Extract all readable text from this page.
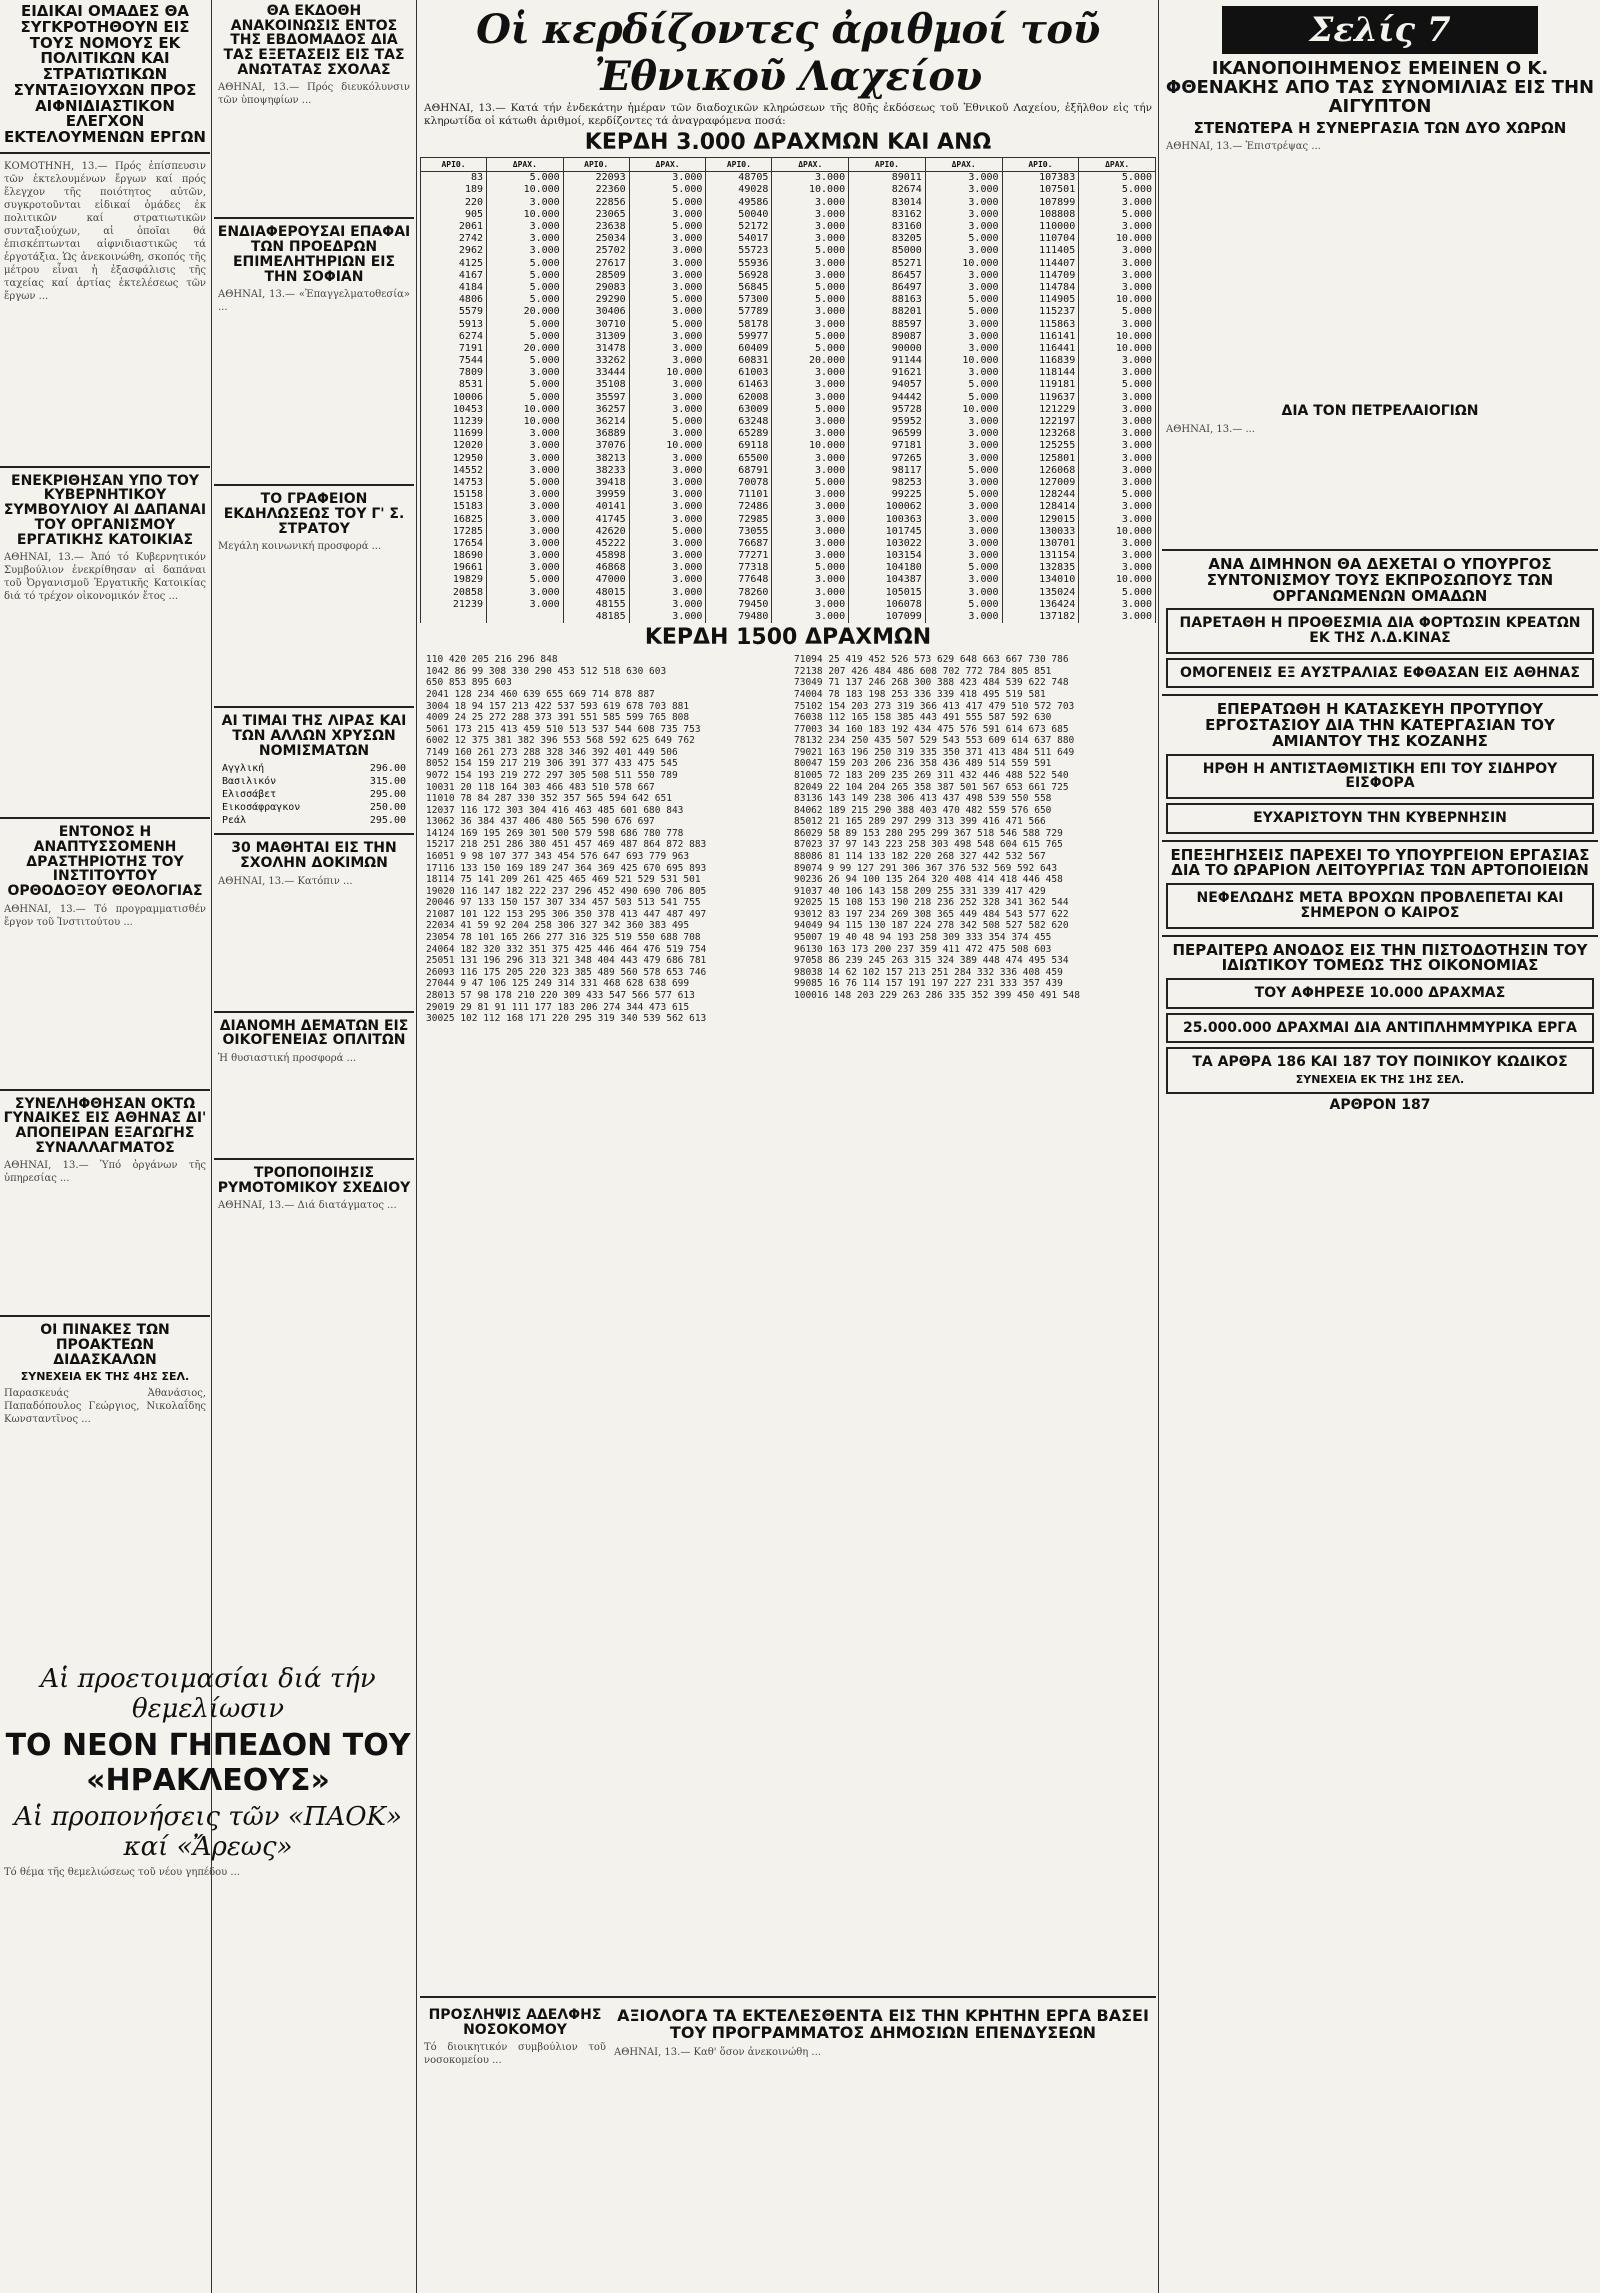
ΕΙΔΙΚΑΙ ΟΜΑΔΕΣ ΘΑ ΣΥΓΚΡΟΤΗΘΟΥΝ ΕΙΣ ΤΟΥΣ ΝΟΜΟΥΣ ΕΚ ΠΟΛΙΤΙΚΩΝ ΚΑΙ ΣΤΡΑΤΙΩΤΙΚΩΝ ΣΥΝΤΑΞΙΟΥΧΩΝ ΠΡΟΣ ΑΙΦΝΙΔΙΑΣΤΙΚΟΝ ΕΛΕΓΧΟΝ ΕΚΤΕΛΟΥΜΕΝΩΝ ΕΡΓΩΝ
ΚΟΜΟΤΗΝΗ, 13.— Πρός ἐπίσπευσιν τῶν ἐκτελουμένων ἔργων καί πρός ἔλεγχον τῆς ποιότητος αὐτῶν, συγκροτοῦνται εἰδικαί ὁμάδες ἐκ πολιτικῶν καί στρατιωτικῶν συνταξιούχων, αἱ ὁποῖαι θά ἐπισκέπτωνται αἰφνιδιαστικῶς τά ἐργοτάξια. Ὡς ἀνεκοινώθη, σκοπός τῆς μέτρου εἶναι ἡ ἐξασφάλισις τῆς ταχείας καί ἀρτίας ἐκτελέσεως τῶν ἔργων ...
ΕΝΕΚΡΙΘΗΣΑΝ ΥΠΟ ΤΟΥ ΚΥΒΕΡΝΗΤΙΚΟΥ ΣΥΜΒΟΥΛΙΟΥ ΑΙ ΔΑΠΑΝΑΙ ΤΟΥ ΟΡΓΑΝΙΣΜΟΥ ΕΡΓΑΤΙΚΗΣ ΚΑΤΟΙΚΙΑΣ
ΑΘΗΝΑΙ, 13.— Ἀπό τό Κυβερνητικόν Συμβούλιον ἐνεκρίθησαν αἱ δαπάναι τοῦ Ὀργανισμοῦ Ἐργατικῆς Κατοικίας διά τό τρέχον οἰκονομικόν ἔτος ...
ΕΝΤΟΝΟΣ Η ΑΝΑΠΤΥΣΣΟΜΕΝΗ ΔΡΑΣΤΗΡΙΟΤΗΣ ΤΟΥ ΙΝΣΤΙΤΟΥΤΟΥ ΟΡΘΟΔΟΞΟΥ ΘΕΟΛΟΓΙΑΣ
ΑΘΗΝΑΙ, 13.— Τό προγραμματισθέν ἔργον τοῦ Ἰνστιτούτου ...
ΣΥΝΕΛΗΦΘΗΣΑΝ ΟΚΤΩ ΓΥΝΑΙΚΕΣ ΕΙΣ ΑΘΗΝΑΣ ΔΙ' ΑΠΟΠΕΙΡΑΝ ΕΞΑΓΩΓΗΣ ΣΥΝΑΛΛΑΓΜΑΤΟΣ
ΑΘΗΝΑΙ, 13.— Ὑπό ὀργάνων τῆς ὑπηρεσίας ...
ΟΙ ΠΙΝΑΚΕΣ ΤΩΝ ΠΡΟΑΚΤΕΩΝ ΔΙΔΑΣΚΑΛΩΝ
ΣΥΝΕΧΕΙΑ ΕΚ ΤΗΣ 4ΗΣ ΣΕΛ.
Παρασκευάς Ἀθανάσιος, Παπαδόπουλος Γεώργιος, Νικολαΐδης Κωνσταντῖνος ...
ΘΑ ΕΚΔΟΘΗ ΑΝΑΚΟΙΝΩΣΙΣ ΕΝΤΟΣ ΤΗΣ ΕΒΔΟΜΑΔΟΣ ΔΙΑ ΤΑΣ ΕΞΕΤΑΣΕΙΣ ΕΙΣ ΤΑΣ ΑΝΩΤΑΤΑΣ ΣΧΟΛΑΣ
ΑΘΗΝΑΙ, 13.— Πρός διευκόλυνσιν τῶν ὑποψηφίων ...
ΕΝΔΙΑΦΕΡΟΥΣΑΙ ΕΠΑΦΑΙ ΤΩΝ ΠΡΟΕΔΡΩΝ ΕΠΙΜΕΛΗΤΗΡΙΩΝ ΕΙΣ ΤΗΝ ΣΟΦΙΑΝ
ΑΘΗΝΑΙ, 13.— «Ἐπαγγελματοθεσία» ...
ΤΟ ΓΡΑΦΕΙΟΝ ΕΚΔΗΛΩΣΕΩΣ ΤΟΥ Γ' Σ. ΣΤΡΑΤΟΥ
Μεγάλη κοινωνική προσφορά ...
ΑΙ ΤΙΜΑΙ ΤΗΣ ΛΙΡΑΣ ΚΑΙ ΤΩΝ ΑΛΛΩΝ ΧΡΥΣΩΝ ΝΟΜΙΣΜΑΤΩΝ
Αγγλική	296.00
Βασιλικόν	315.00
Ελισσάβετ	295.00
Εικοσάφραγκον	250.00
Ρεάλ	295.00
30 ΜΑΘΗΤΑΙ ΕΙΣ ΤΗΝ ΣΧΟΛΗΝ ΔΟΚΙΜΩΝ
ΑΘΗΝΑΙ, 13.— Κατόπιν ...
ΔΙΑΝΟΜΗ ΔΕΜΑΤΩΝ ΕΙΣ ΟΙΚΟΓΕΝΕΙΑΣ ΟΠΛΙΤΩΝ
Ἡ θυσιαστική προσφορά ...
ΤΡΟΠΟΠΟΙΗΣΙΣ ΡΥΜΟΤΟΜΙΚΟΥ ΣΧΕΔΙΟΥ
ΑΘΗΝΑΙ, 13.— Διά διατάγματος ...
Αἱ προετοιμασίαι διά τήν θεμελίωσιν
ΤΟ ΝΕΟΝ ΓΗΠΕΔΟΝ ΤΟΥ «ΗΡΑΚΛΕΟΥΣ»
Αἱ προπονήσεις τῶν «ΠΑΟΚ» καί «Ἄρεως»
Τό θέμα τῆς θεμελιώσεως τοῦ νέου γηπέδου ...
Οἱ κερδίζοντες ἀριθμοί τοῦ Ἐθνικοῦ Λαχείου
ΑΘΗΝΑΙ, 13.— Κατά τήν ἐνδεκάτην ἡμέραν τῶν διαδοχικῶν κληρώσεων τῆς 80ῆς ἐκδόσεως τοῦ Ἐθνικοῦ Λαχείου, ἐξῆλθον εἰς τήν κληρωτίδα οἱ κάτωθι ἀριθμοί, κερδίζοντες τά ἀναγραφόμενα ποσά:
ΚΕΡΔΗ 3.000 ΔΡΑΧΜΩΝ ΚΑΙ ΑΝΩ
ΑΡΙΘ.	ΔΡΑΧ.	ΑΡΙΘ.	ΔΡΑΧ.	ΑΡΙΘ.	ΔΡΑΧ.	ΑΡΙΘ.	ΔΡΑΧ.	ΑΡΙΘ.	ΔΡΑΧ.
83	5.000	22093	3.000	48705	3.000	89011	3.000	107383	5.000
189	10.000	22360	5.000	49028	10.000	82674	3.000	107501	5.000
220	3.000	22856	5.000	49586	3.000	83014	3.000	107899	3.000
905	10.000	23065	3.000	50040	3.000	83162	3.000	108808	5.000
2061	3.000	23638	5.000	52172	3.000	83160	3.000	110000	3.000
2742	3.000	25034	3.000	54017	3.000	83205	5.000	110704	10.000
2962	3.000	25702	3.000	55723	5.000	85000	3.000	111405	3.000
4125	5.000	27617	3.000	55936	3.000	85271	10.000	114407	3.000
4167	5.000	28509	3.000	56928	3.000	86457	3.000	114709	3.000
4184	5.000	29083	3.000	56845	5.000	86497	3.000	114784	3.000
4806	5.000	29290	5.000	57300	5.000	88163	5.000	114905	10.000
5579	20.000	30406	3.000	57789	3.000	88201	5.000	115237	5.000
5913	5.000	30710	5.000	58178	3.000	88597	3.000	115863	3.000
6274	5.000	31309	3.000	59977	5.000	89087	3.000	116141	10.000
7191	20.000	31478	3.000	60409	5.000	90000	3.000	116441	10.000
7544	5.000	33262	3.000	60831	20.000	91144	10.000	116839	3.000
7809	3.000	33444	10.000	61003	3.000	91621	3.000	118144	3.000
8531	5.000	35108	3.000	61463	3.000	94057	5.000	119181	5.000
10006	5.000	35597	3.000	62008	3.000	94442	5.000	119637	3.000
10453	10.000	36257	3.000	63009	5.000	95728	10.000	121229	3.000
11239	10.000	36214	5.000	63248	3.000	95952	3.000	122197	3.000
11699	3.000	36889	3.000	65289	3.000	96599	3.000	123268	3.000
12020	3.000	37076	10.000	69118	10.000	97181	3.000	125255	3.000
12950	3.000	38213	3.000	65500	3.000	97265	3.000	125801	3.000
14552	3.000	38233	3.000	68791	3.000	98117	5.000	126068	3.000
14753	5.000	39418	3.000	70078	5.000	98253	3.000	127009	3.000
15158	3.000	39959	3.000	71101	3.000	99225	5.000	128244	5.000
15183	3.000	40141	3.000	72486	3.000	100062	3.000	128414	3.000
16825	3.000	41745	3.000	72985	3.000	100363	3.000	129015	3.000
17285	3.000	42620	5.000	73055	3.000	101745	3.000	130033	10.000
17654	3.000	45222	3.000	76687	3.000	103022	3.000	130701	3.000
18690	3.000	45898	3.000	77271	3.000	103154	3.000	131154	3.000
19661	3.000	46868	3.000	77318	5.000	104180	5.000	132835	3.000
19829	5.000	47000	3.000	77648	3.000	104387	3.000	134010	10.000
20858	3.000	48015	3.000	78260	3.000	105015	3.000	135024	5.000
21239	3.000	48155	3.000	79450	3.000	106078	5.000	136424	3.000
		48185	3.000	79480	3.000	107099	3.000	137182	3.000
ΚΕΡΔΗ 1500 ΔΡΑΧΜΩΝ
110 420 205 216 296 848
1042 86 99 308 330 290 453 512 518 630 603
650 853 895 603
2041 128 234 460 639 655 669 714 878 887
3004 18 94 157 213 422 537 593 619 678 703 881
4009 24 25 272 288 373 391 551 585 599 765 808
5061 173 215 413 459 510 513 537 544 608 735 753
6002 12 375 381 382 396 553 568 592 625 649 762
7149 160 261 273 288 328 346 392 401 449 506
8052 154 159 217 219 306 391 377 433 475 545
9072 154 193 219 272 297 305 508 511 550 789
10031 20 118 164 303 466 483 510 578 667
11010 78 84 287 330 352 357 565 594 642 651
12037 116 172 303 304 416 463 485 601 680 843
13062 36 384 437 406 480 565 590 676 697
14124 169 195 269 301 500 579 598 686 780 778
15217 218 251 286 380 451 457 469 487 864 872 883
16051 9 98 107 377 343 454 576 647 693 779 963
17116 133 150 169 189 247 364 369 425 670 695 893
18114 75 141 209 261 425 465 469 521 529 531 501
19020 116 147 182 222 237 296 452 490 690 706 805
20046 97 133 150 157 307 334 457 503 513 541 755
21087 101 122 153 295 306 350 378 413 447 487 497
22034 41 59 92 204 258 306 327 342 360 383 495
23054 78 101 165 266 277 316 325 519 550 688 708
24064 182 320 332 351 375 425 446 464 476 519 754
25051 131 196 296 313 321 348 404 443 479 686 781
26093 116 175 205 220 323 385 489 560 578 653 746
27044 9 47 106 125 249 314 331 468 628 638 699
28013 57 98 178 210 220 309 433 547 566 577 613
29019 29 81 91 111 177 183 206 274 344 473 615
30025 102 112 168 171 220 295 319 340 539 562 613
71094 25 419 452 526 573 629 648 663 667 730 786
72138 207 426 484 486 608 702 772 784 805 851
73049 71 137 246 268 300 388 423 484 539 622 748
74004 78 183 198 253 336 339 418 495 519 581
75102 154 203 273 319 366 413 417 479 510 572 703
76038 112 165 158 385 443 491 555 587 592 630
77003 34 160 183 192 434 475 576 591 614 673 685
78132 234 250 435 507 529 543 553 609 614 637 880
79021 163 196 250 319 335 350 371 413 484 511 649
80047 159 203 206 236 358 436 489 514 559 591
81005 72 183 209 235 269 311 432 446 488 522 540
82049 22 104 204 265 358 387 501 567 653 661 725
83136 143 149 238 306 413 437 498 539 550 558
84062 189 215 290 388 403 470 482 559 576 650
85012 21 165 289 297 299 313 399 416 471 566
86029 58 89 153 280 295 299 367 518 546 588 729
87023 37 97 143 223 258 303 498 548 604 615 765
88086 81 114 133 182 220 268 327 442 532 567
89074 9 99 127 291 306 367 376 532 569 592 643
90236 26 94 100 135 264 320 408 414 418 446 458
91037 40 106 143 158 209 255 331 339 417 429
92025 15 108 153 190 218 236 252 328 341 362 544
93012 83 197 234 269 308 365 449 484 543 577 622
94049 94 115 130 187 224 278 342 508 527 582 620
95007 19 40 48 94 193 258 309 333 354 374 455
96130 163 173 200 237 359 411 472 475 508 603
97058 86 239 245 263 315 324 389 448 474 495 534
98038 14 62 102 157 213 251 284 332 336 408 459
99085 16 76 114 157 191 197 227 231 333 357 439
100016 148 203 229 263 286 335 352 399 450 491 548
ΠΡΟΣΛΗΨΙΣ ΑΔΕΛΦΗΣ ΝΟΣΟΚΟΜΟΥ
Τό διοικητικόν συμβούλιον τοῦ νοσοκομείου ...
ΑΞΙΟΛΟΓΑ ΤΑ ΕΚΤΕΛΕΣΘΕΝΤΑ ΕΙΣ ΤΗΝ ΚΡΗΤΗΝ ΕΡΓΑ ΒΑΣΕΙ ΤΟΥ ΠΡΟΓΡΑΜΜΑΤΟΣ ΔΗΜΟΣΙΩΝ ΕΠΕΝΔΥΣΕΩΝ
ΑΘΗΝΑΙ, 13.— Καθ' ὅσον ἀνεκοινώθη ...
Σελίς 7
ΙΚΑΝΟΠΟΙΗΜΕΝΟΣ ΕΜΕΙΝΕΝ Ο Κ. ΦΘΕΝΑΚΗΣ ΑΠΟ ΤΑΣ ΣΥΝΟΜΙΛΙΑΣ ΕΙΣ ΤΗΝ ΑΙΓΥΠΤΟΝ
ΣΤΕΝΩΤΕΡΑ Η ΣΥΝΕΡΓΑΣΙΑ ΤΩΝ ΔΥΟ ΧΩΡΩΝ
ΑΘΗΝΑΙ, 13.— Ἐπιστρέψας ...
ΔΙΑ ΤΟΝ ΠΕΤΡΕΛΑΙΟΓΙΩΝ
ΑΘΗΝΑΙ, 13.— ...
ΑΝΑ ΔΙΜΗΝΟΝ ΘΑ ΔΕΧΕΤΑΙ Ο ΥΠΟΥΡΓΟΣ ΣΥΝΤΟΝΙΣΜΟΥ ΤΟΥΣ ΕΚΠΡΟΣΩΠΟΥΣ ΤΩΝ ΟΡΓΑΝΩΜΕΝΩΝ ΟΜΑΔΩΝ
ΠΑΡΕΤΑΘΗ Η ΠΡΟΘΕΣΜΙΑ ΔΙΑ ΦΟΡΤΩΣΙΝ ΚΡΕΑΤΩΝ ΕΚ ΤΗΣ Λ.Δ.ΚΙΝΑΣ
ΟΜΟΓΕΝΕΙΣ ΕΞ ΑΥΣΤΡΑΛΙΑΣ ΕΦΘΑΣΑΝ ΕΙΣ ΑΘΗΝΑΣ
ΕΠΕΡΑΤΩΘΗ Η ΚΑΤΑΣΚΕΥΗ ΠΡΟΤΥΠΟΥ ΕΡΓΟΣΤΑΣΙΟΥ ΔΙΑ ΤΗΝ ΚΑΤΕΡΓΑΣΙΑΝ ΤΟΥ ΑΜΙΑΝΤΟΥ ΤΗΣ ΚΟΖΑΝΗΣ
ΗΡΘΗ Η ΑΝΤΙΣΤΑΘΜΙΣΤΙΚΗ ΕΠΙ ΤΟΥ ΣΙΔΗΡΟΥ ΕΙΣΦΟΡΑ
ΕΥΧΑΡΙΣΤΟΥΝ ΤΗΝ ΚΥΒΕΡΝΗΣΙΝ
ΕΠΕΞΗΓΗΣΕΙΣ ΠΑΡΕΧΕΙ ΤΟ ΥΠΟΥΡΓΕΙΟΝ ΕΡΓΑΣΙΑΣ ΔΙΑ ΤΟ ΩΡΑΡΙΟΝ ΛΕΙΤΟΥΡΓΙΑΣ ΤΩΝ ΑΡΤΟΠΟΙΕΙΩΝ
ΝΕΦΕΛΩΔΗΣ ΜΕΤΑ ΒΡΟΧΩΝ ΠΡΟΒΛΕΠΕΤΑΙ ΚΑΙ ΣΗΜΕΡΟΝ Ο ΚΑΙΡΟΣ
ΠΕΡΑΙΤΕΡΩ ΑΝΟΔΟΣ ΕΙΣ ΤΗΝ ΠΙΣΤΟΔΟΤΗΣΙΝ ΤΟΥ ΙΔΙΩΤΙΚΟΥ ΤΟΜΕΩΣ ΤΗΣ ΟΙΚΟΝΟΜΙΑΣ
ΤΟΥ ΑΦΗΡΕΣΕ 10.000 ΔΡΑΧΜΑΣ
25.000.000 ΔΡΑΧΜΑΙ ΔΙΑ ΑΝΤΙΠΛΗΜΜΥΡΙΚΑ ΕΡΓΑ
ΤΑ ΑΡΘΡΑ 186 ΚΑΙ 187 ΤΟΥ ΠΟΙΝΙΚΟΥ ΚΩΔΙΚΟΣ
ΣΥΝΕΧΕΙΑ ΕΚ ΤΗΣ 1ΗΣ ΣΕΛ.
ΑΡΘΡΟΝ 187
